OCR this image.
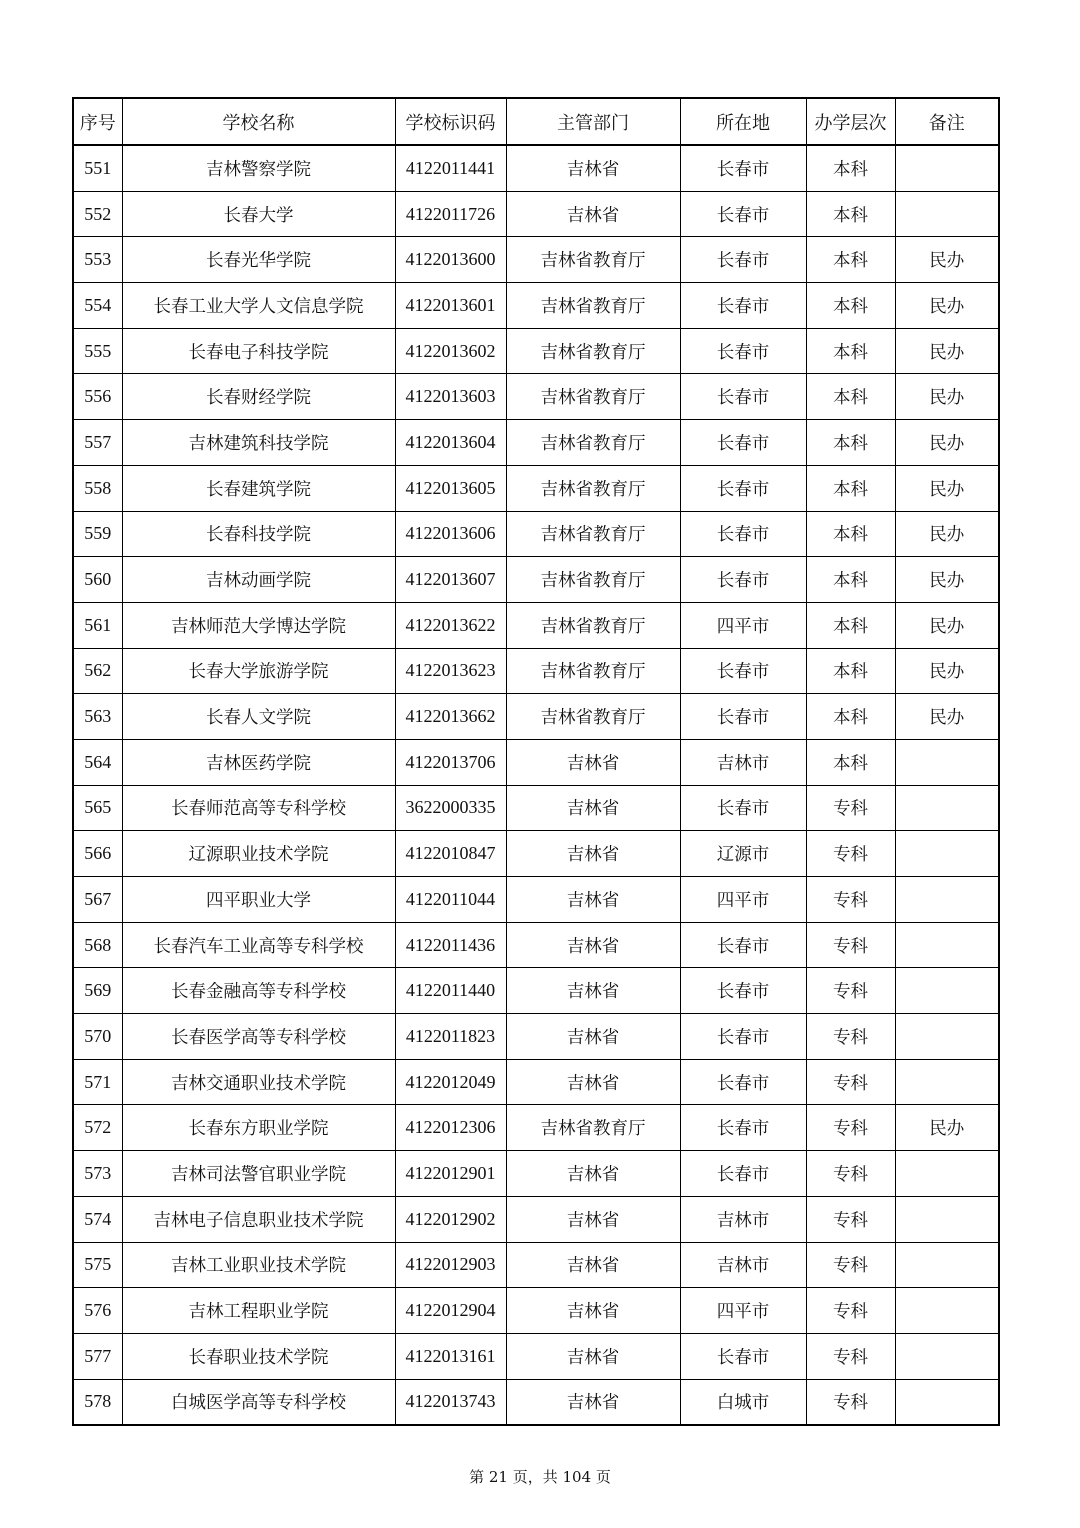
序号	学校名称	学校标识码	主管部门	所在地	办学层次	备注
551	吉林警察学院	4122011441	吉林省	长春市	本科	
552	长春大学	4122011726	吉林省	长春市	本科	
553	长春光华学院	4122013600	吉林省教育厅	长春市	本科	民办
554	长春工业大学人文信息学院	4122013601	吉林省教育厅	长春市	本科	民办
555	长春电子科技学院	4122013602	吉林省教育厅	长春市	本科	民办
556	长春财经学院	4122013603	吉林省教育厅	长春市	本科	民办
557	吉林建筑科技学院	4122013604	吉林省教育厅	长春市	本科	民办
558	长春建筑学院	4122013605	吉林省教育厅	长春市	本科	民办
559	长春科技学院	4122013606	吉林省教育厅	长春市	本科	民办
560	吉林动画学院	4122013607	吉林省教育厅	长春市	本科	民办
561	吉林师范大学博达学院	4122013622	吉林省教育厅	四平市	本科	民办
562	长春大学旅游学院	4122013623	吉林省教育厅	长春市	本科	民办
563	长春人文学院	4122013662	吉林省教育厅	长春市	本科	民办
564	吉林医药学院	4122013706	吉林省	吉林市	本科	
565	长春师范高等专科学校	3622000335	吉林省	长春市	专科	
566	辽源职业技术学院	4122010847	吉林省	辽源市	专科	
567	四平职业大学	4122011044	吉林省	四平市	专科	
568	长春汽车工业高等专科学校	4122011436	吉林省	长春市	专科	
569	长春金融高等专科学校	4122011440	吉林省	长春市	专科	
570	长春医学高等专科学校	4122011823	吉林省	长春市	专科	
571	吉林交通职业技术学院	4122012049	吉林省	长春市	专科	
572	长春东方职业学院	4122012306	吉林省教育厅	长春市	专科	民办
573	吉林司法警官职业学院	4122012901	吉林省	长春市	专科	
574	吉林电子信息职业技术学院	4122012902	吉林省	吉林市	专科	
575	吉林工业职业技术学院	4122012903	吉林省	吉林市	专科	
576	吉林工程职业学院	4122012904	吉林省	四平市	专科	
577	长春职业技术学院	4122013161	吉林省	长春市	专科	
578	白城医学高等专科学校	4122013743	吉林省	白城市	专科	
第 21 页，共 104 页
